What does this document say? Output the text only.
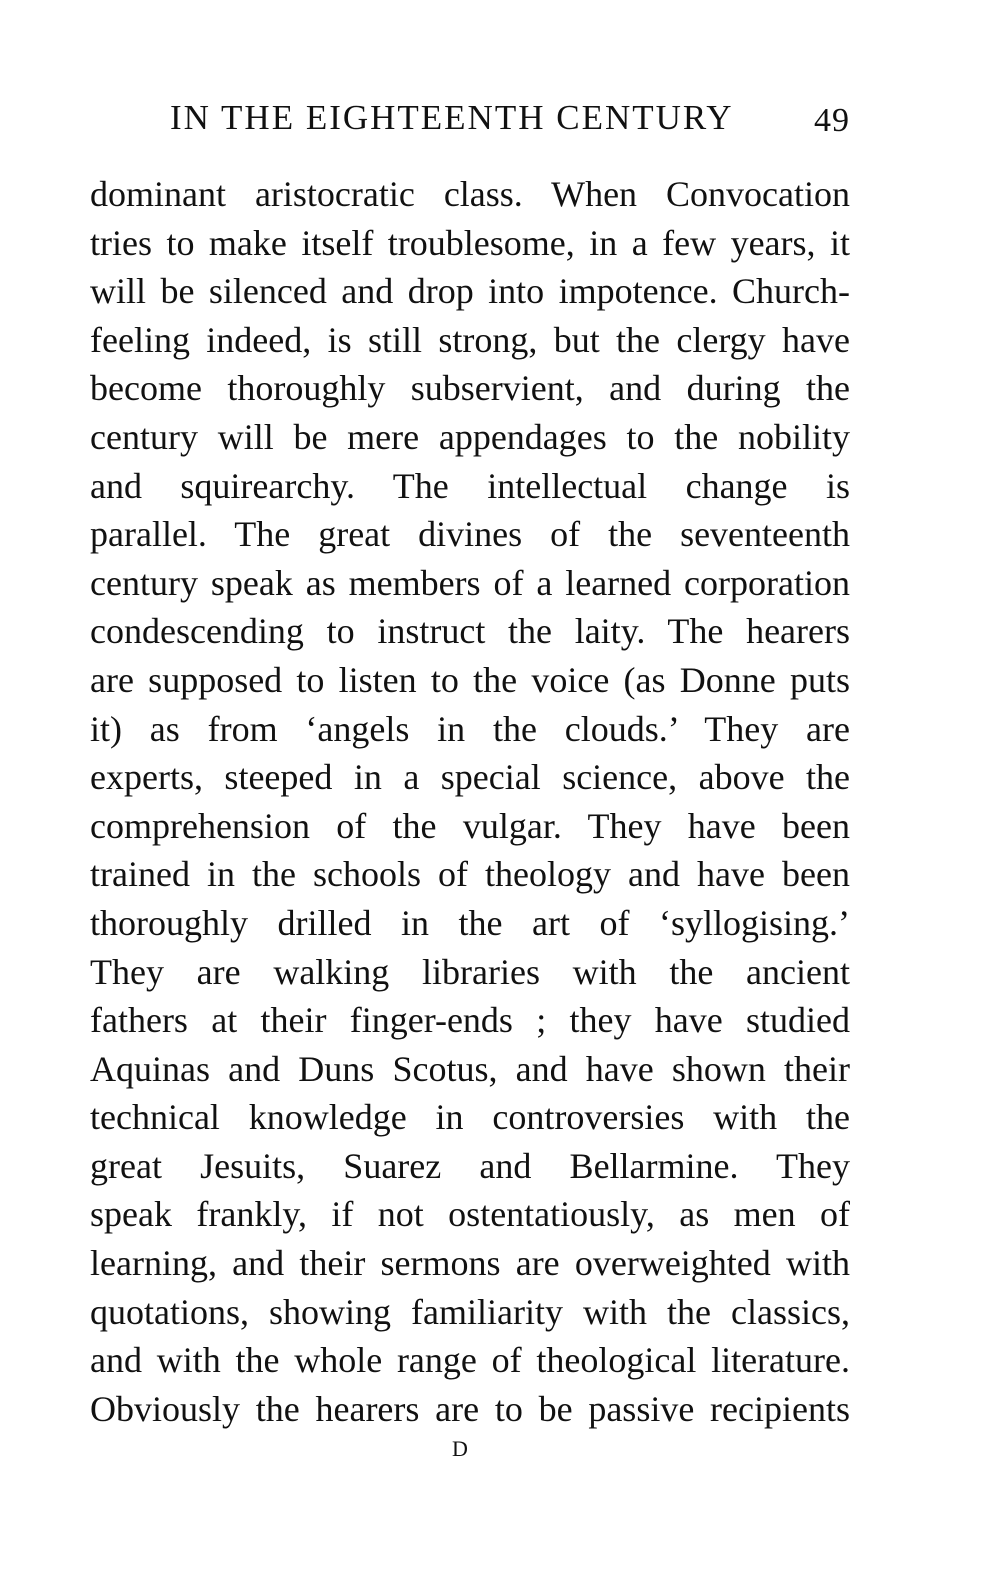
IN THE EIGHTEENTH CENTURY 49
dominant aristocratic class. When Convocation
tries to make itself troublesome, in a few years, it
will be silenced and drop into impotence. Church-
feeling indeed, is still strong, but the clergy have
become thoroughly subservient, and during the
century will be mere appendages to the nobility
and squirearchy. The intellectual change is
parallel. The great divines of the seventeenth
century speak as members of a learned corporation
condescending to instruct the laity. The hearers
are supposed to listen to the voice (as Donne puts
it) as from ‘angels in the clouds.’ They are
experts, steeped in a special science, above the
comprehension of the vulgar. They have been
trained in the schools of theology and have been
thoroughly drilled in the art of ‘syllogising.’
They are walking libraries with the ancient
fathers at their finger-ends ; they have studied
Aquinas and Duns Scotus, and have shown their
technical knowledge in controversies with the
great Jesuits, Suarez and Bellarmine. They
speak frankly, if not ostentatiously, as men of
learning, and their sermons are overweighted with
quotations, showing familiarity with the classics,
and with the whole range of theological literature.
Obviously the hearers are to be passive recipients
D
